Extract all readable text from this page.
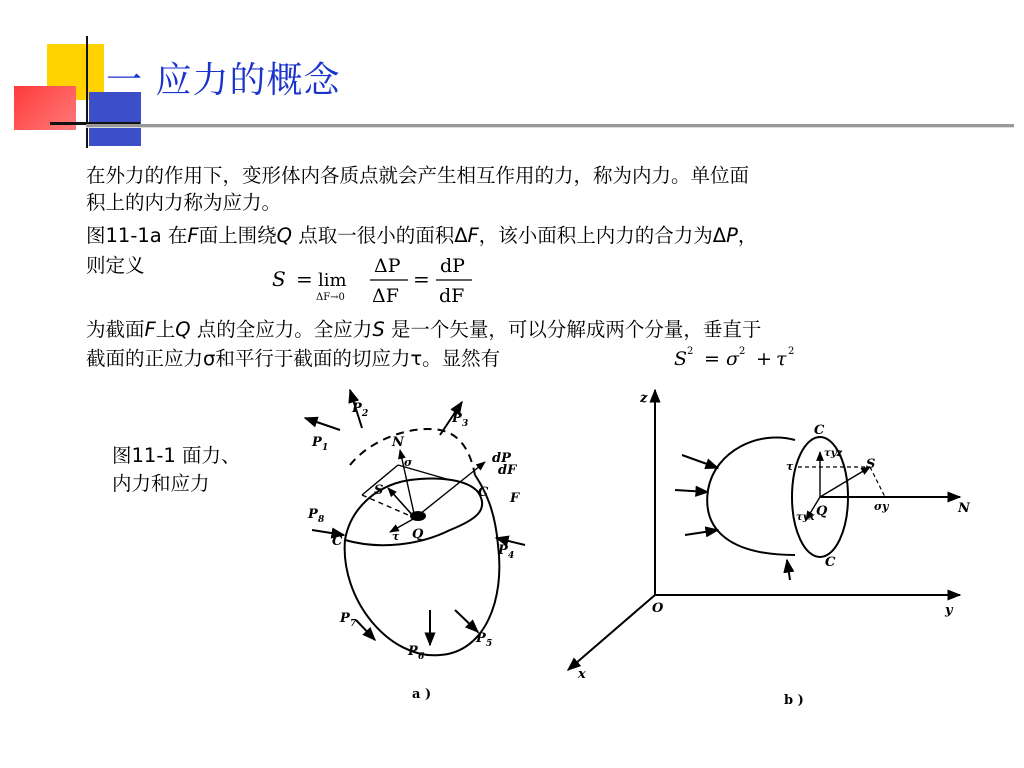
一 应力的概念
在外力的作用下，变形体内各质点就会产生相互作用的力，称为内力。单位面
积上的内力称为应力。
图11-1a 在F面上围绕Q 点取一很小的面积ΔF，该小面积上内力的合力为ΔP，
则定义
S = lim
ΔF→0
ΔP
ΔF
=
dP
dF
为截面F上Q 点的全应力。全应力S 是一个矢量，可以分解成两个分量，垂直于
截面的正应力σ和平行于截面的切应力τ。显然有	S 2 = σ 2 + τ 2
图11-1 面力、
内力和应力
P 1
P 2	P 3
P 4
P 5
P 6
P 7
P 8
N
σ
S
τ Q
dP
dF
F
C
C
a )
z
y
x
O
N
C
C
S
Q
τ
τyz
τyx
σy
b )
